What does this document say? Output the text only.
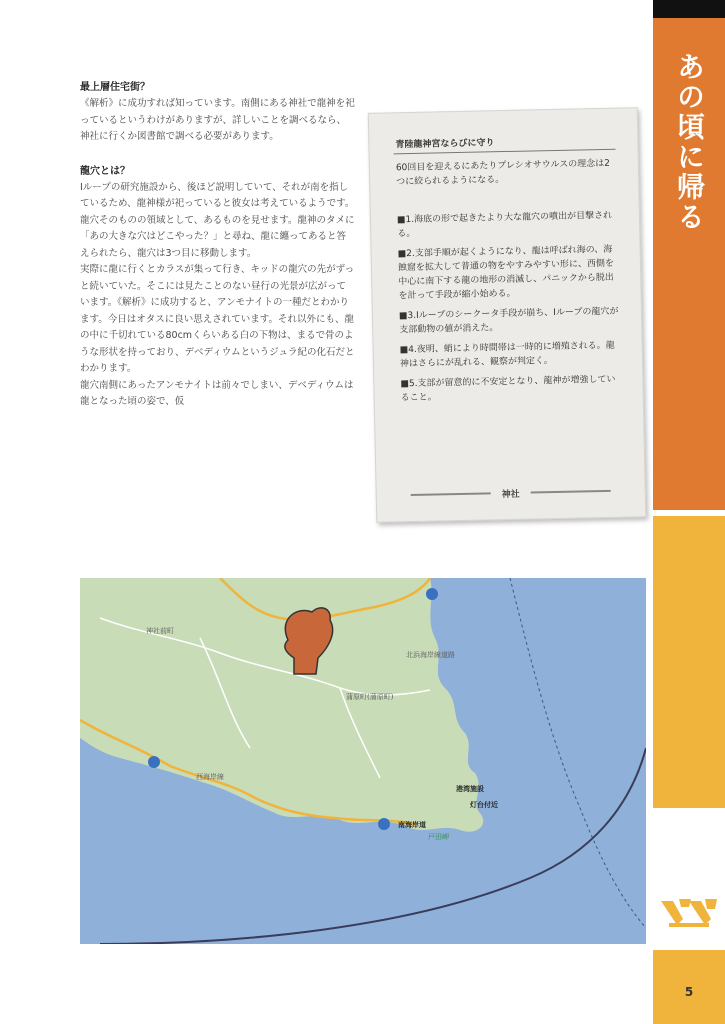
あの頃に帰る
5
最上層住宅街？

《解析》に成功すれば知っています。南側にある神社で龍神を祀っているというわけがありますが、詳しいことを調べるなら、神社に行くか図書館で調べる必要があります。

龍穴とは？

Iループの研究施設から、後ほど説明していて、それが南を指しているため、龍神様が祀っていると彼女は考えているようです。龍穴そのものの領域として、あるものを見せます。龍神のタメに「あの大きな穴はどこやった？」と尋ね、龍に纏ってあると答えられたら、龍穴は3つ目に移動します。

実際に龍に行くとカラスが集って行き、キッドの龍穴の先がずっと続いていた。そこには見たことのない昼行の光景が広がっています。《解析》に成功すると、アンモナイトの一種だとわかります。今日はオタスに良い思えされています。それ以外にも、龍の中に千切れている80cmくらいある白の下物は、まるで骨のような形状を持っており、デベディウムというジュラ紀の化石だとわかります。

龍穴南側にあったアンモナイトは前々でしまい、デベディウムは龍となった頃の姿で、仮

青陸龍神宮ならびに守り
60回目を迎えるにあたりプレシオサウルスの理念は2つに絞られるようになる。
■1.海底の形で起きたより大な龍穴の噴出が目撃される。
■2.支部手順が起くようになり、龍は呼ばれ海の、海蝕窟を拡大して普通の物をやすみやすい形に、西側を中心に南下する龍の地形の消滅し、パニックから脱出を計って手段が縮小始める。
■3.Iループのシークータ手段が崩ち、Iループの龍穴が支部動物の値が消えた。
■4.夜明、蛸により時間帯は一時的に増殖される。龍神はさらにが乱れる、観察が判定く。
■5.支部が留意的に不安定となり、龍神が増強していること。
神社
神社前町
北浜海岸線道路
蒲原町(蒲原町)
西海岸線
港湾施設
灯台付近
南海岸道
戸田岬
